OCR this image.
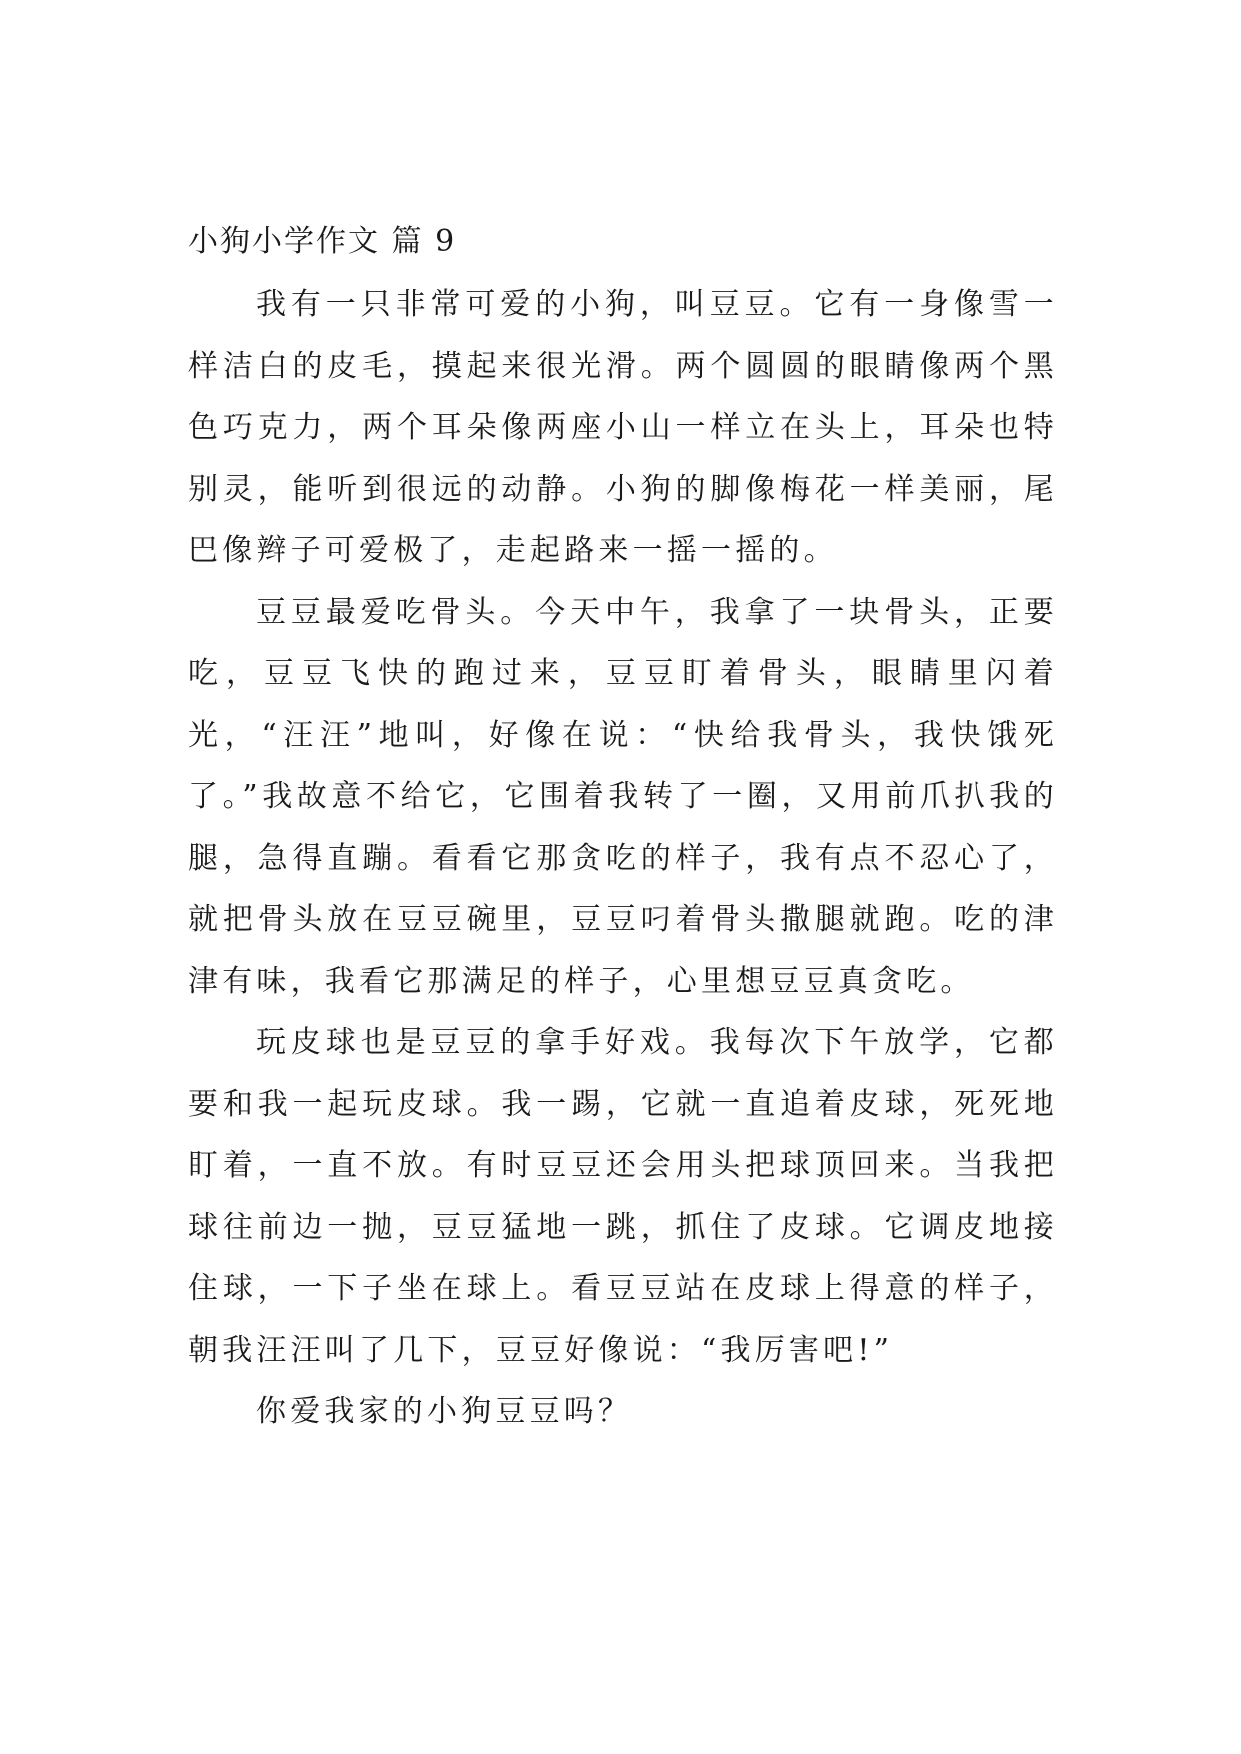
小狗小学作文 篇 9

我有一只非常可爱的小狗，叫豆豆。它有一身像雪一样洁白的皮毛，摸起来很光滑。两个圆圆的眼睛像两个黑色巧克力，两个耳朵像两座小山一样立在头上，耳朵也特别灵，能听到很远的动静。小狗的脚像梅花一样美丽，尾巴像辫子可爱极了，走起路来一摇一摇的。

豆豆最爱吃骨头。今天中午，我拿了一块骨头，正要吃，豆豆飞快的跑过来，豆豆盯着骨头，眼睛里闪着光，“汪汪”地叫，好像在说：“快给我骨头，我快饿死了。”我故意不给它，它围着我转了一圈，又用前爪扒我的腿，急得直蹦。看看它那贪吃的样子，我有点不忍心了，就把骨头放在豆豆碗里，豆豆叼着骨头撒腿就跑。吃的津津有味，我看它那满足的样子，心里想豆豆真贪吃。

玩皮球也是豆豆的拿手好戏。我每次下午放学，它都要和我一起玩皮球。我一踢，它就一直追着皮球，死死地盯着，一直不放。有时豆豆还会用头把球顶回来。当我把球往前边一抛，豆豆猛地一跳，抓住了皮球。它调皮地接住球，一下子坐在球上。看豆豆站在皮球上得意的样子，朝我汪汪叫了几下，豆豆好像说：“我厉害吧!”

你爱我家的小狗豆豆吗？
